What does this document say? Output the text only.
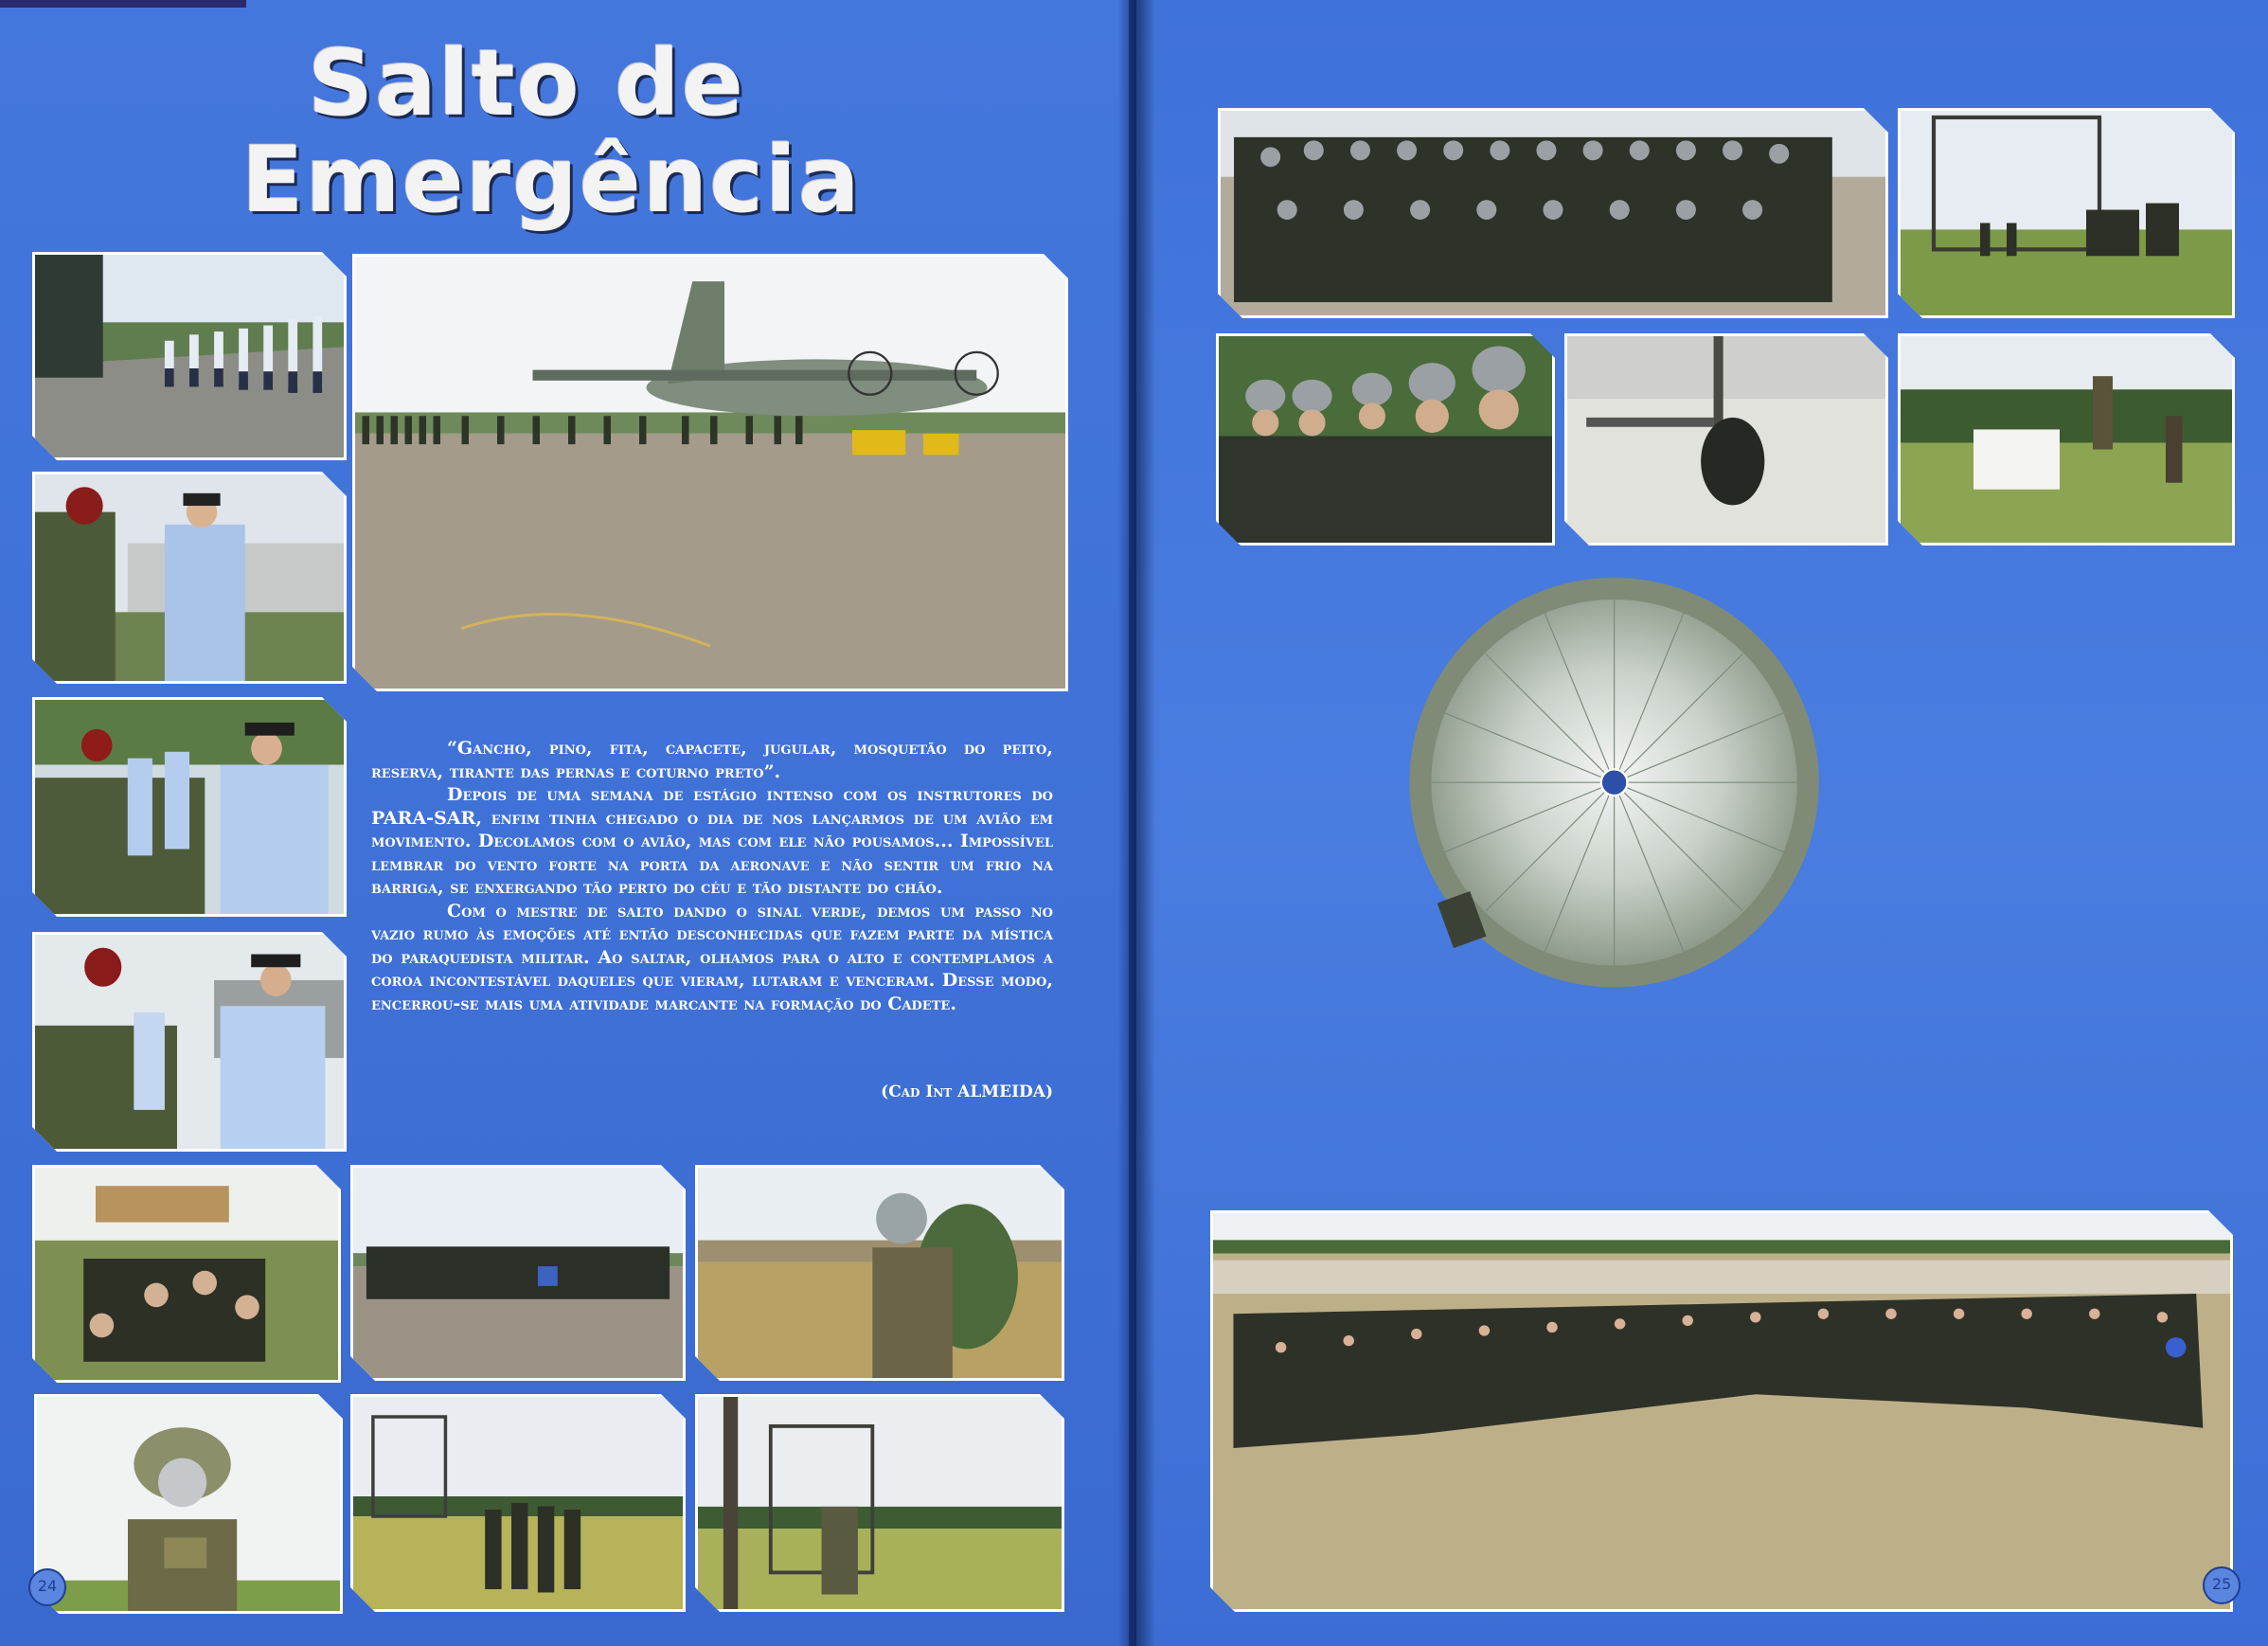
Salto de
Emergência

“Gancho, pino, fita, capacete, jugular, mosquetão do peito, reserva, tirante das pernas e coturno preto”.

Depois de uma semana de estágio intenso com os instrutores do PARA-SAR, enfim tinha chegado o dia de nos lançarmos de um avião em movimento. Decolamos com o avião, mas com ele não pousamos... Impossível lembrar do vento forte na porta da aeronave e não sentir um frio na barriga, se enxergando tão perto do céu e tão distante do chão.

Com o mestre de salto dando o sinal verde, demos um passo no vazio rumo às emoções até então desconhecidas que fazem parte da mística do paraquedista militar. Ao saltar, olhamos para o alto e contemplamos a coroa incontestável daqueles que vieram, lutaram e venceram. Desse modo, encerrou-se mais uma atividade marcante na formação do Cadete.

(Cad Int ALMEIDA)
24	25
